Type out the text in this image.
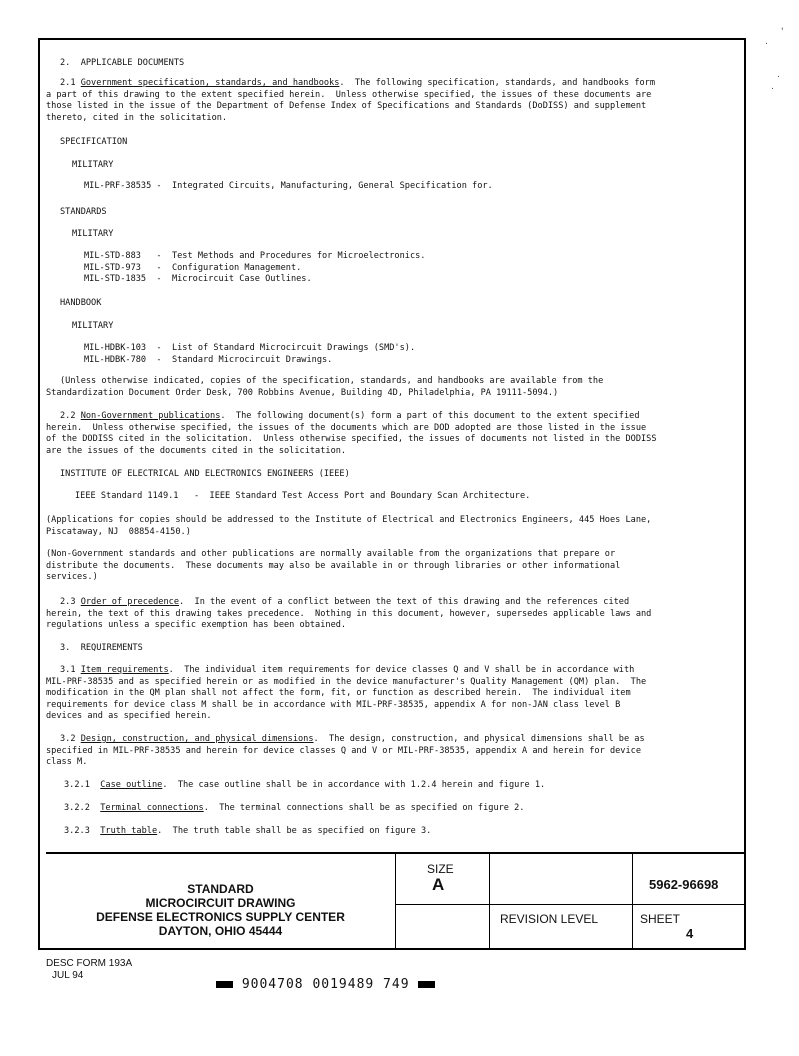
'
.
.
.
2.  APPLICABLE DOCUMENTS
2.1 Government specification, standards, and handbooks.  The following specification, standards, and handbooks form
a part of this drawing to the extent specified herein.  Unless otherwise specified, the issues of these documents are
those listed in the issue of the Department of Defense Index of Specifications and Standards (DoDISS) and supplement
thereto, cited in the solicitation.
SPECIFICATION
MILITARY
MIL-PRF-38535 -  Integrated Circuits, Manufacturing, General Specification for.
STANDARDS
MILITARY
MIL-STD-883   -  Test Methods and Procedures for Microelectronics.
MIL-STD-973   -  Configuration Management.
MIL-STD-1835  -  Microcircuit Case Outlines.
HANDBOOK
MILITARY
MIL-HDBK-103  -  List of Standard Microcircuit Drawings (SMD's).
MIL-HDBK-780  -  Standard Microcircuit Drawings.
(Unless otherwise indicated, copies of the specification, standards, and handbooks are available from the
Standardization Document Order Desk, 700 Robbins Avenue, Building 4D, Philadelphia, PA 19111-5094.)
2.2 Non-Government publications.  The following document(s) form a part of this document to the extent specified
herein.  Unless otherwise specified, the issues of the documents which are DOD adopted are those listed in the issue
of the DODISS cited in the solicitation.  Unless otherwise specified, the issues of documents not listed in the DODISS
are the issues of the documents cited in the solicitation.
INSTITUTE OF ELECTRICAL AND ELECTRONICS ENGINEERS (IEEE)
IEEE Standard 1149.1   -  IEEE Standard Test Access Port and Boundary Scan Architecture.
(Applications for copies should be addressed to the Institute of Electrical and Electronics Engineers, 445 Hoes Lane,
Piscataway, NJ  08854-4150.)
(Non-Government standards and other publications are normally available from the organizations that prepare or
distribute the documents.  These documents may also be available in or through libraries or other informational
services.)
2.3 Order of precedence.  In the event of a conflict between the text of this drawing and the references cited
herein, the text of this drawing takes precedence.  Nothing in this document, however, supersedes applicable laws and
regulations unless a specific exemption has been obtained.
3.  REQUIREMENTS
3.1 Item requirements.  The individual item requirements for device classes Q and V shall be in accordance with
MIL-PRF-38535 and as specified herein or as modified in the device manufacturer's Quality Management (QM) plan.  The
modification in the QM plan shall not affect the form, fit, or function as described herein.  The individual item
requirements for device class M shall be in accordance with MIL-PRF-38535, appendix A for non-JAN class level B
devices and as specified herein.
3.2 Design, construction, and physical dimensions.  The design, construction, and physical dimensions shall be as
specified in MIL-PRF-38535 and herein for device classes Q and V or MIL-PRF-38535, appendix A and herein for device
class M.
3.2.1  Case outline.  The case outline shall be in accordance with 1.2.4 herein and figure 1.
3.2.2  Terminal connections.  The terminal connections shall be as specified on figure 2.
3.2.3  Truth table.  The truth table shall be as specified on figure 3.
STANDARD
MICROCIRCUIT DRAWING
DEFENSE ELECTRONICS SUPPLY CENTER
DAYTON, OHIO 45444
SIZE
A	5962-96698
REVISION LEVEL	SHEET
4
DESC FORM 193A
JUL 94
9004708 0019489 749
